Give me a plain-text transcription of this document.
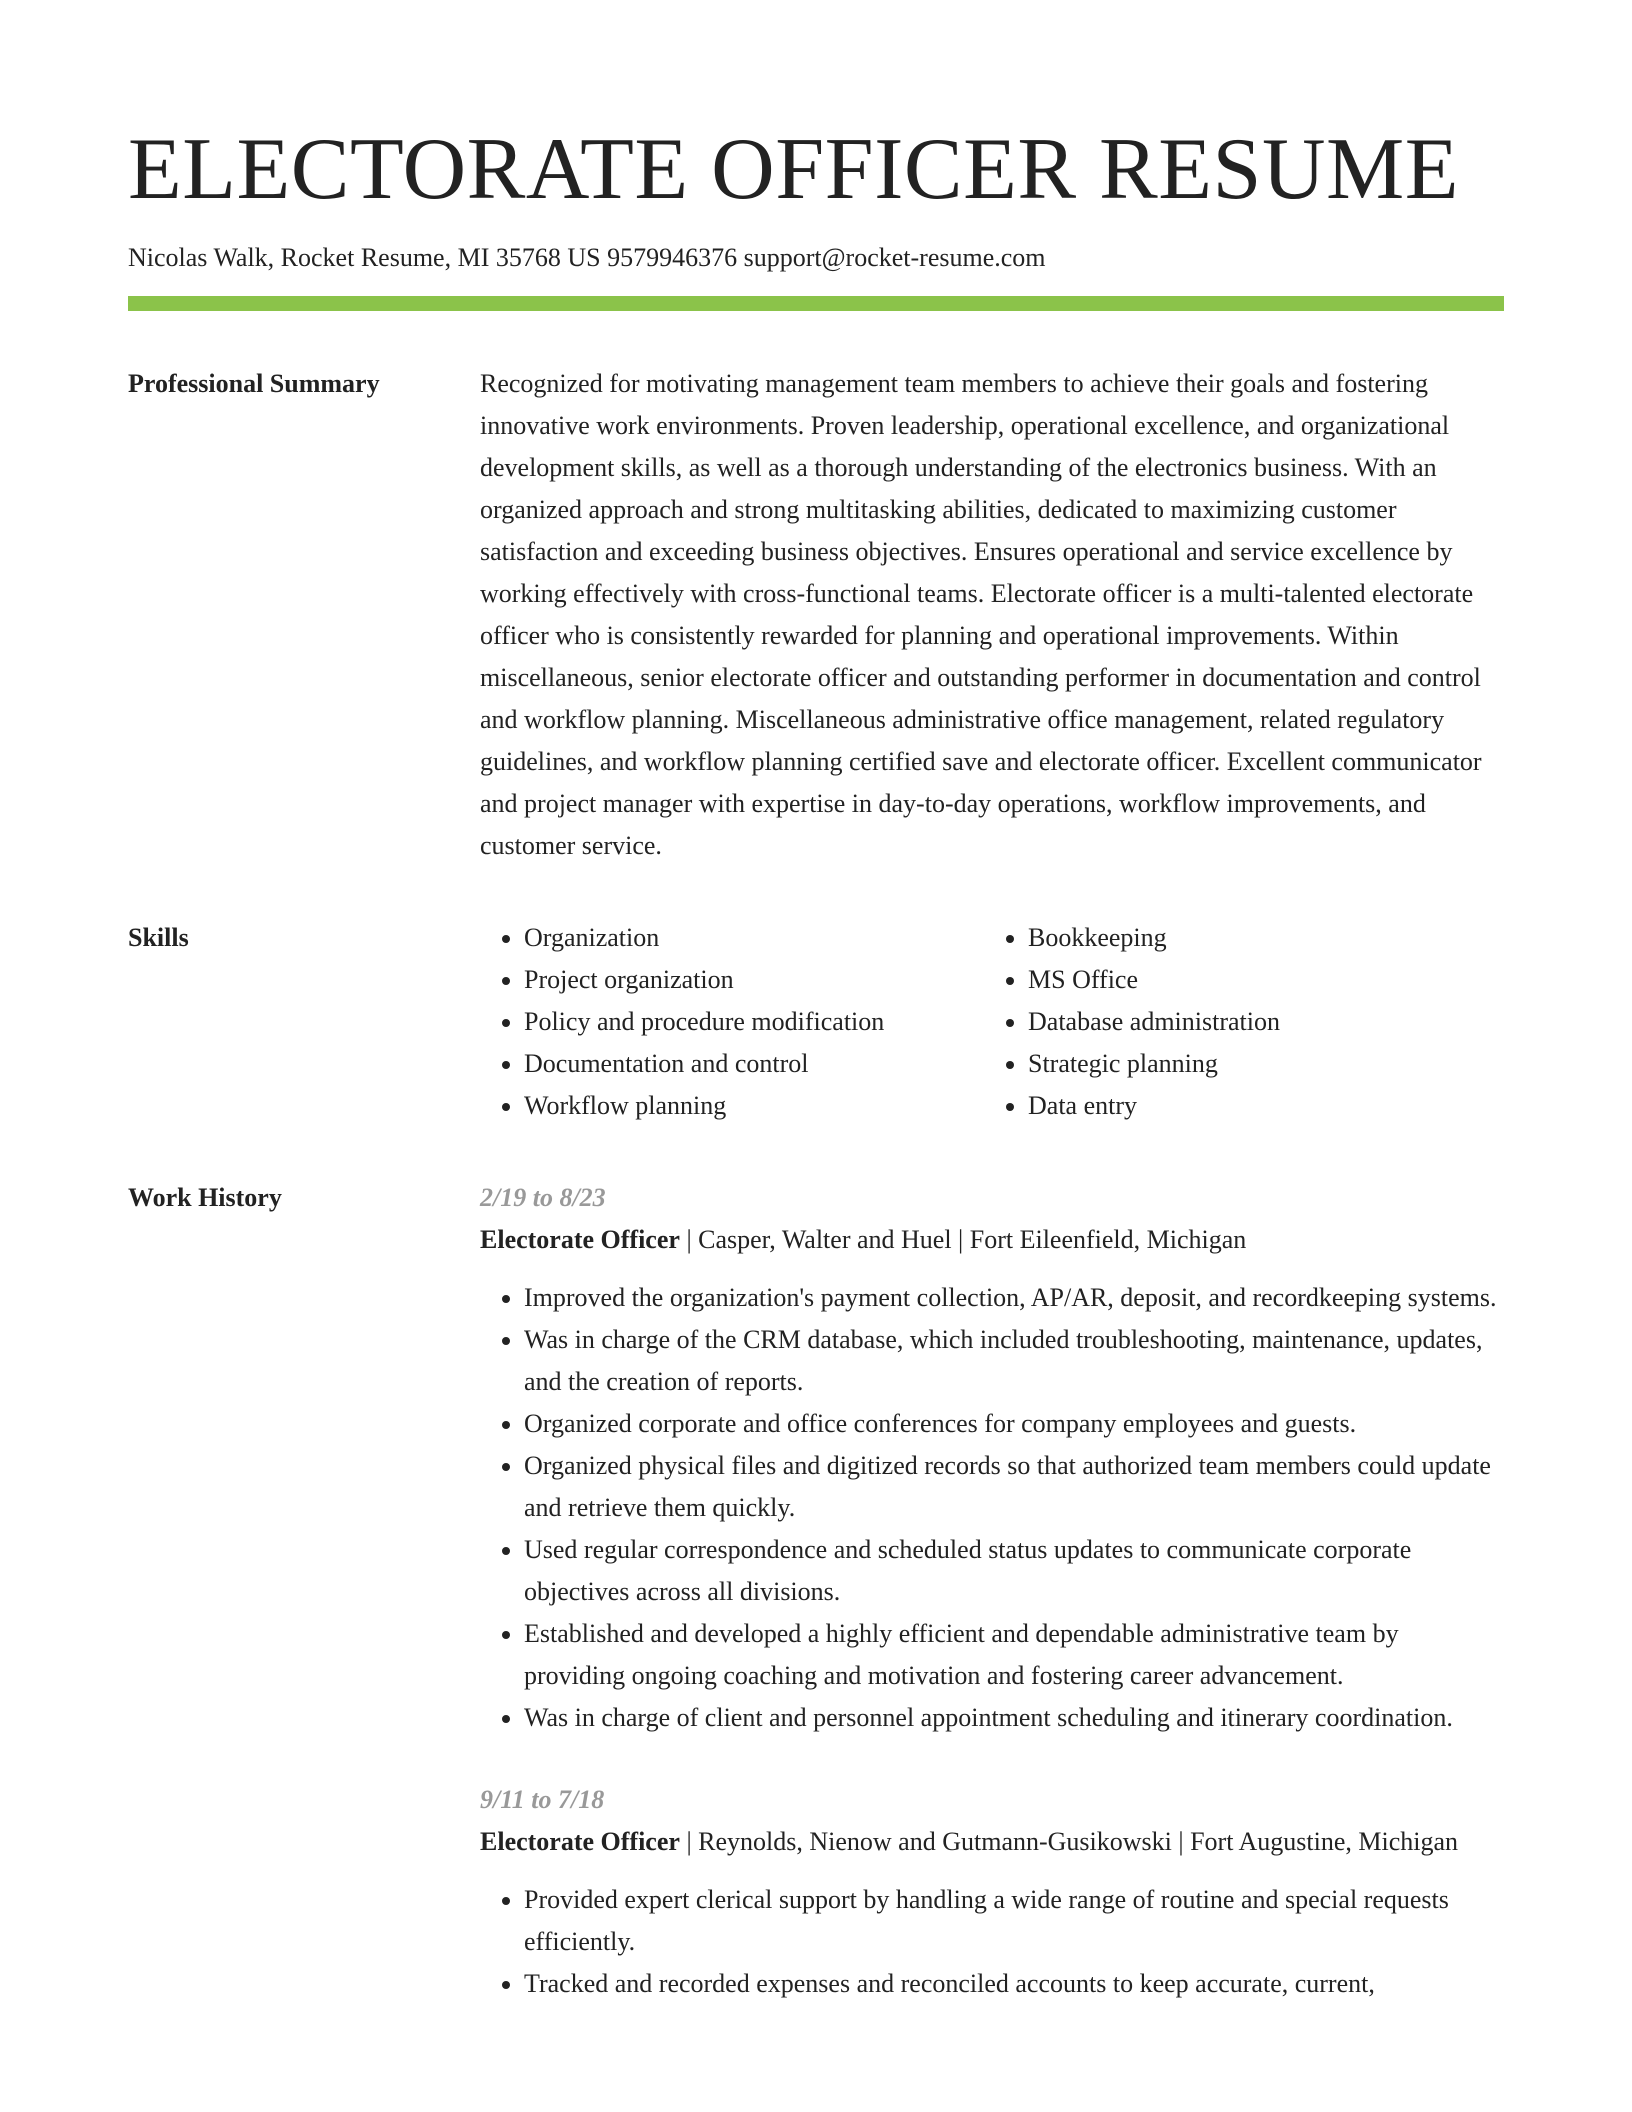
ELECTORATE OFFICER RESUME
Nicolas Walk, Rocket Resume, MI 35768 US 9579946376 support@rocket-resume.com
Professional Summary	Recognized for motivating management team members to achieve their goals and fostering innovative work environments. Proven leadership, operational excellence, and organizational development skills, as well as a thorough understanding of the electronics business. With an organized approach and strong multitasking abilities, dedicated to maximizing customer satisfaction and exceeding business objectives. Ensures operational and service excellence by working effectively with cross-functional teams. Electorate officer is a multi-talented electorate officer who is consistently rewarded for planning and operational improvements. Within miscellaneous, senior electorate officer and outstanding performer in documentation and control and workflow planning. Miscellaneous administrative office management, related regulatory guidelines, and workflow planning certified save and electorate officer. Excellent communicator and project manager with expertise in day-to-day operations, workflow improvements, and customer service.

Skills
•	Organization
• Project organization
• Policy and procedure modification
• Documentation and control
• Workflow planning
• Bookkeeping
• MS Office
• Database administration
• Strategic planning
• Data entry
Work History	2/19 to 8/23
Electorate Officer | Casper, Walter and Huel | Fort Eileenfield, Michigan
• Improved the organization's payment collection, AP/AR, deposit, and recordkeeping systems.
• Was in charge of the CRM database, which included troubleshooting, maintenance, updates, and the creation of reports.
• Organized corporate and office conferences for company employees and guests.
• Organized physical files and digitized records so that authorized team members could update and retrieve them quickly.
• Used regular correspondence and scheduled status updates to communicate corporate objectives across all divisions.
• Established and developed a highly efficient and dependable administrative team by providing ongoing coaching and motivation and fostering career advancement.
• Was in charge of client and personnel appointment scheduling and itinerary coordination.
9/11 to 7/18
Electorate Officer | Reynolds, Nienow and Gutmann-Gusikowski | Fort Augustine, Michigan
• Provided expert clerical support by handling a wide range of routine and special requests efficiently.
• Tracked and recorded expenses and reconciled accounts to keep accurate, current,
